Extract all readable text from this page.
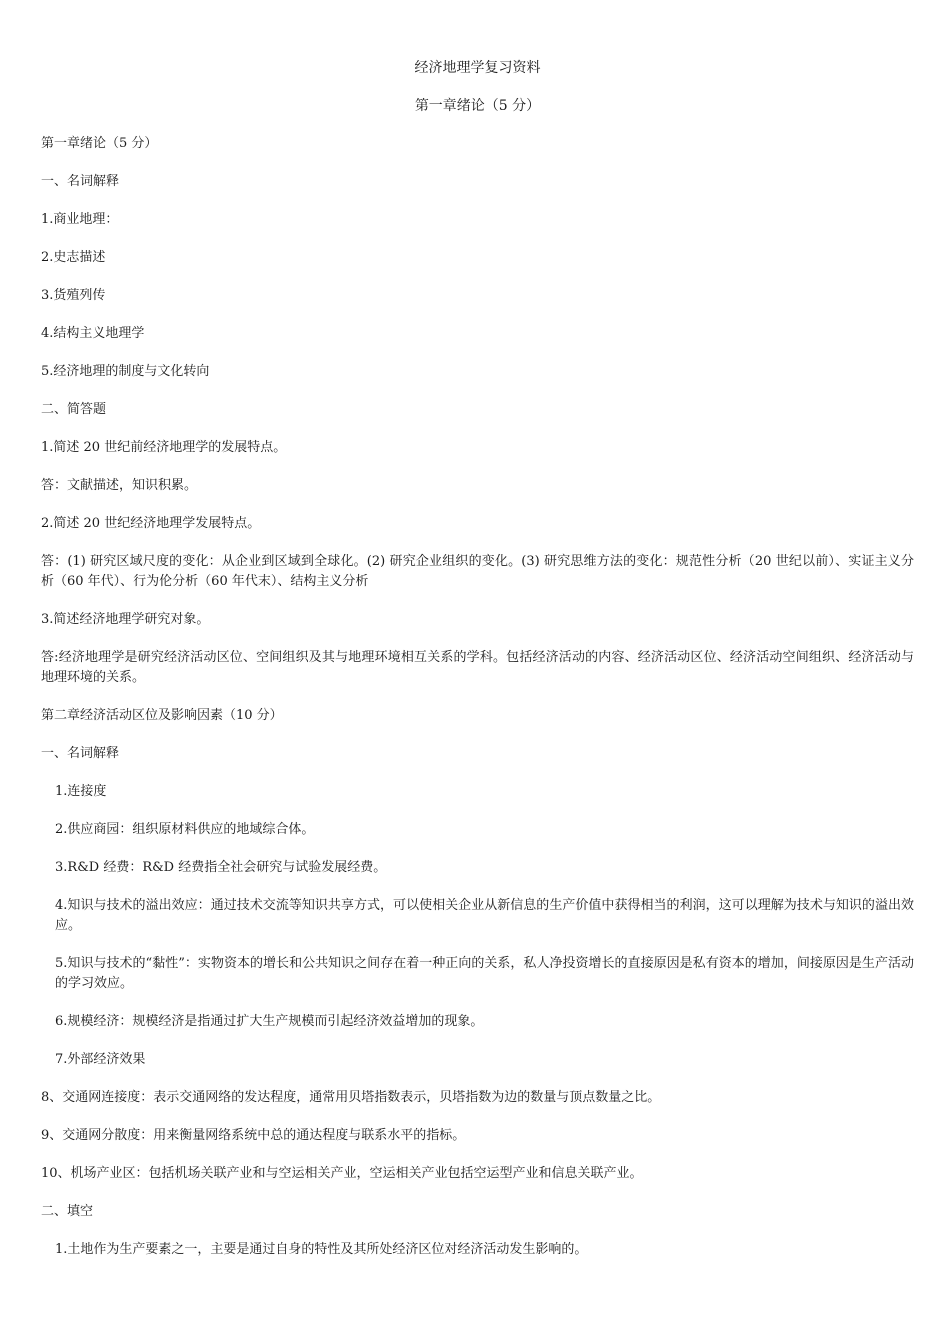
经济地理学复习资料
第一章绪论（5 分）
第一章绪论（5 分）
一、名词解释
1.商业地理：
2.史志描述
3.货殖列传
4.结构主义地理学
5.经济地理的制度与文化转向
二、简答题
1.简述 20 世纪前经济地理学的发展特点。
答：文献描述，知识积累。
2.简述 20 世纪经济地理学发展特点。
答：(1) 研究区域尺度的变化：从企业到区域到全球化。(2) 研究企业组织的变化。(3) 研究思维方法的变化：规范性分析（20 世纪以前）、实证主义分析（60 年代）、行为伦分析（60 年代末）、结构主义分析
3.简述经济地理学研究对象。
答:经济地理学是研究经济活动区位、空间组织及其与地理环境相互关系的学科。包括经济活动的内容、经济活动区位、经济活动空间组织、经济活动与地理环境的关系。
第二章经济活动区位及影响因素（10 分）
一、名词解释
1.连接度
2.供应商园：组织原材料供应的地域综合体。
3.R&D 经费：R&D 经费指全社会研究与试验发展经费。
4.知识与技术的溢出效应：通过技术交流等知识共享方式，可以使相关企业从新信息的生产价值中获得相当的利润，这可以理解为技术与知识的溢出效应。
5.知识与技术的“黏性”：实物资本的增长和公共知识之间存在着一种正向的关系，私人净投资增长的直接原因是私有资本的增加，间接原因是生产活动的学习效应。
6.规模经济：规模经济是指通过扩大生产规模而引起经济效益增加的现象。
7.外部经济效果
8、交通网连接度：表示交通网络的发达程度，通常用贝塔指数表示，贝塔指数为边的数量与顶点数量之比。
9、交通网分散度：用来衡量网络系统中总的通达程度与联系水平的指标。
10、机场产业区：包括机场关联产业和与空运相关产业，空运相关产业包括空运型产业和信息关联产业。
二、填空
1.土地作为生产要素之一，主要是通过自身的特性及其所处经济区位对经济活动发生影响的。
